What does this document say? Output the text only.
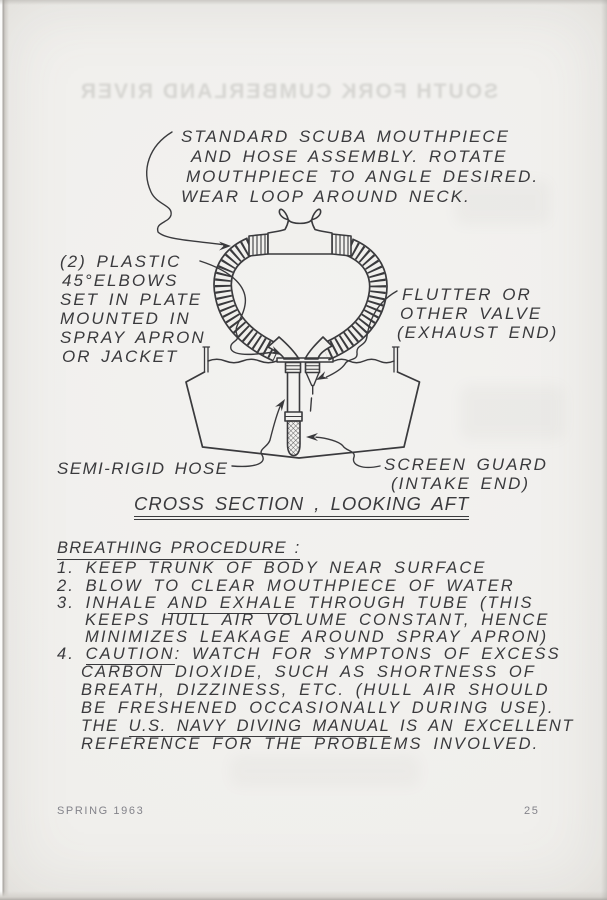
SOUTH FORK CUMBERLAND RIVER
STANDARD SCUBA MOUTHPIECE
AND HOSE ASSEMBLY. ROTATE
MOUTHPIECE TO ANGLE DESIRED.
WEAR LOOP AROUND NECK.
(2) PLASTIC
45°ELBOWS
SET IN PLATE
MOUNTED IN
SPRAY APRON
OR JACKET
FLUTTER OR
OTHER VALVE
(EXHAUST END)
SEMI-RIGID HOSE	SCREEN GUARD
(INTAKE END)
CROSS SECTION , LOOKING AFT
BREATHING PROCEDURE :
1. KEEP TRUNK OF BODY NEAR SURFACE
2. BLOW TO CLEAR MOUTHPIECE OF WATER
3. INHALE AND EXHALE THROUGH TUBE (THIS
KEEPS HULL AIR VOLUME CONSTANT, HENCE
MINIMIZES LEAKAGE AROUND SPRAY APRON)
4. CAUTION: WATCH FOR SYMPTONS OF EXCESS
CARBON DIOXIDE, SUCH AS SHORTNESS OF
BREATH, DIZZINESS, ETC. (HULL AIR SHOULD
BE FRESHENED OCCASIONALLY DURING USE).
THE U.S. NAVY DIVING MANUAL IS AN EXCELLENT
REFERENCE FOR THE PROBLEMS INVOLVED.
SPRING 1963	25
